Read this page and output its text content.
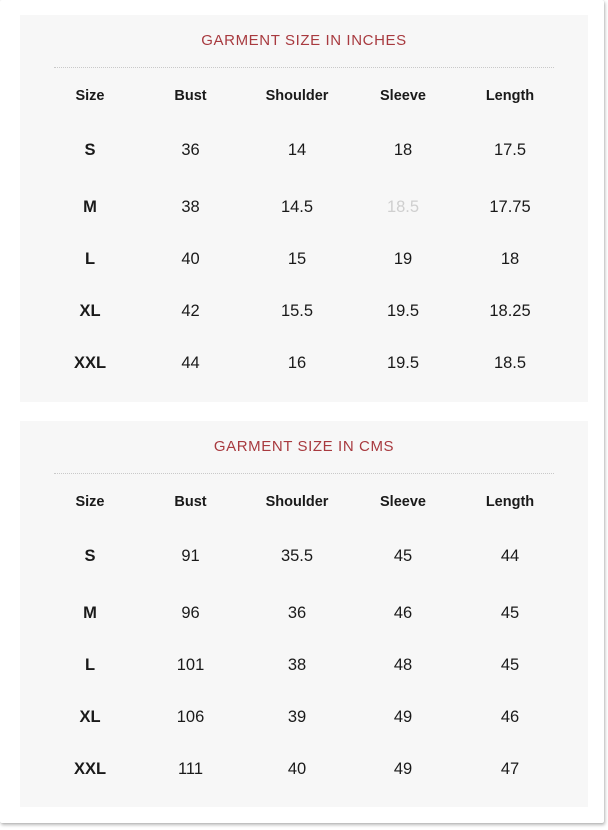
GARMENT SIZE IN INCHES
Size	Bust	Shoulder	Sleeve	Length
S	36	14	18	17.5
M	38	14.5	18.5	17.75
L	40	15	19	18
XL	42	15.5	19.5	18.25
XXL	44	16	19.5	18.5
GARMENT SIZE IN CMS
Size	Bust	Shoulder	Sleeve	Length
S	91	35.5	45	44
M	96	36	46	45
L	101	38	48	45
XL	106	39	49	46
XXL	111	40	49	47
